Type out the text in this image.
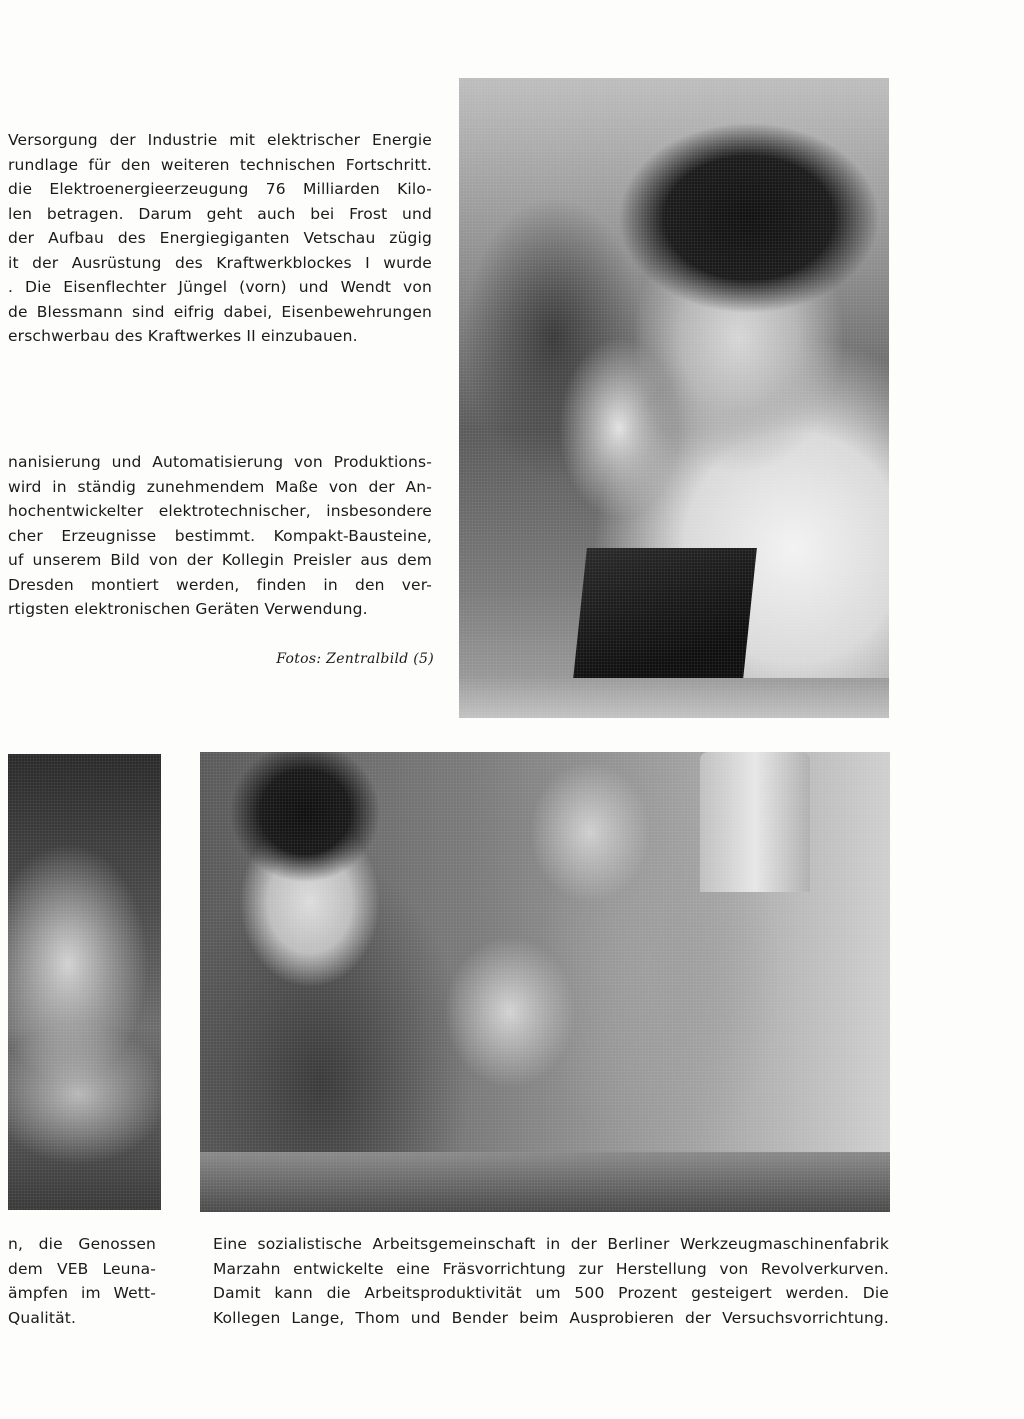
Versorgung der Industrie mit elektrischer Energie
rundlage für den weiteren technischen Fortschritt.
die Elektroenergieerzeugung 76 Milliarden Kilo-
len betragen. Darum geht auch bei Frost und
der Aufbau des Energiegiganten Vetschau zügig
it der Ausrüstung des Kraftwerkblockes I wurde
. Die Eisenflechter Jüngel (vorn) und Wendt von
de Blessmann sind eifrig dabei, Eisenbewehrungen
erschwerbau des Kraftwerkes II einzubauen.

nanisierung und Automatisierung von Produktions-
wird in ständig zunehmendem Maße von der An-
hochentwickelter elektrotechnischer, insbesondere
cher Erzeugnisse bestimmt. Kompakt-Bausteine,
uf unserem Bild von der Kollegin Preisler aus dem
Dresden montiert werden, finden in den ver-
rtigsten elektronischen Geräten Verwendung.

Fotos: Zentralbild (5)

n, die Genossen
dem VEB Leuna-
ämpfen im Wett-
Qualität.

Eine sozialistische Arbeitsgemeinschaft in der Berliner Werkzeugmaschinenfabrik
Marzahn entwickelte eine Fräsvorrichtung zur Herstellung von Revolverkurven.
Damit kann die Arbeitsproduktivität um 500 Prozent gesteigert werden. Die
Kollegen Lange, Thom und Bender beim Ausprobieren der Versuchsvorrichtung.
